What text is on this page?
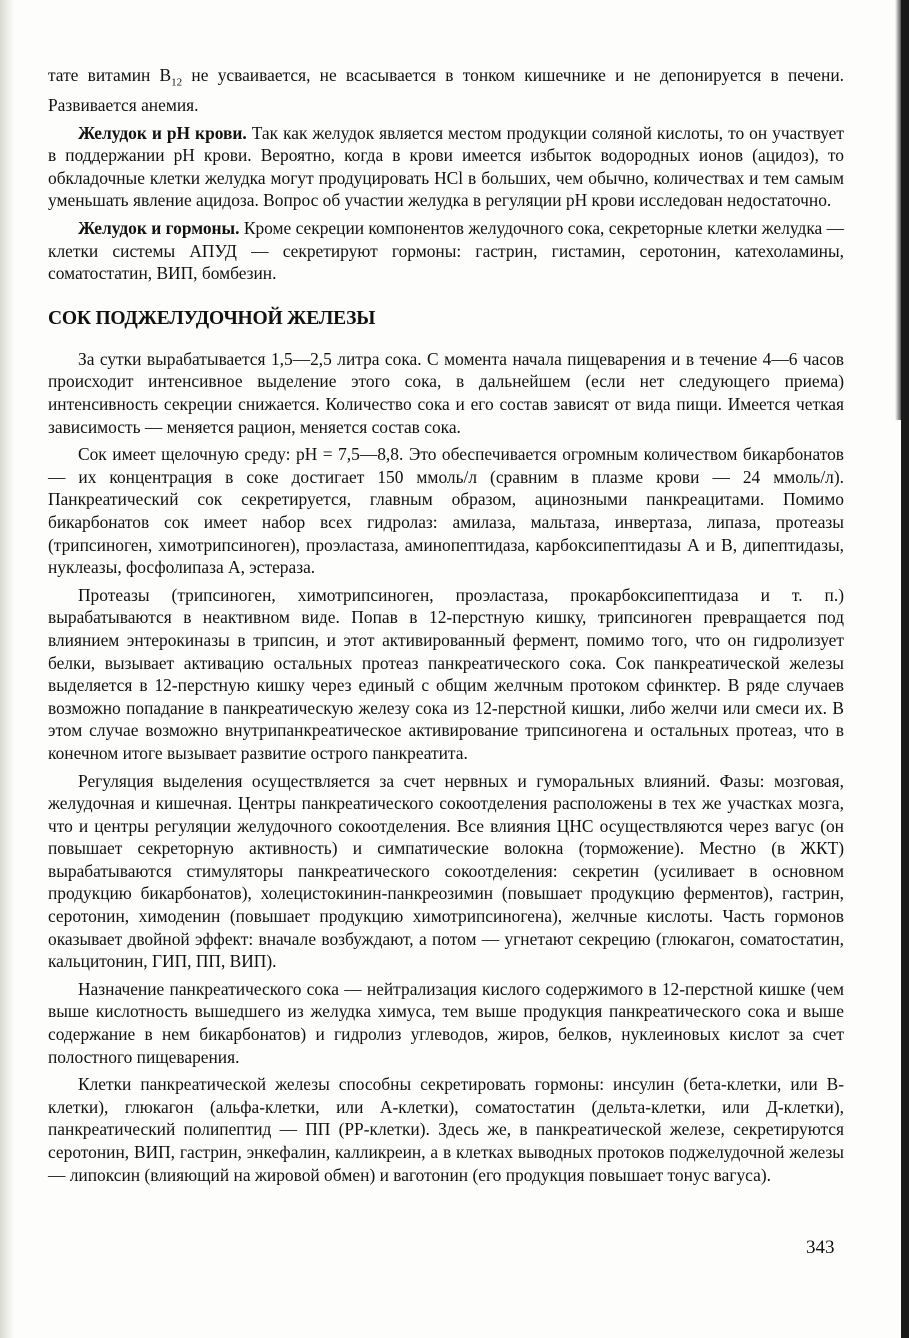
тате витамин $B_{12}$ не усваивается, не всасывается в тонком кишечнике и не депонируется в печени. Развивается анемия.

Желудок и pH крови. Так как желудок является местом продукции соляной кислоты, то он участвует в поддержании pH крови. Вероятно, когда в крови имеется избыток водородных ионов (ацидоз), то обкладочные клетки желудка могут продуцировать HCl в больших, чем обычно, количествах и тем самым уменьшать явление ацидоза. Вопрос об участии желудка в регуляции pH крови исследован недостаточно.

Желудок и гормоны. Кроме секреции компонентов желудочного сока, секреторные клетки желудка — клетки системы АПУД — секретируют гормоны: гастрин, гистамин, серотонин, катехоламины, соматостатин, ВИП, бомбезин.

СОК ПОДЖЕЛУДОЧНОЙ ЖЕЛЕЗЫ

За сутки вырабатывается 1,5—2,5 литра сока. С момента начала пищеварения и в течение 4—6 часов происходит интенсивное выделение этого сока, в дальнейшем (если нет следующего приема) интенсивность секреции снижается. Количество сока и его состав зависят от вида пищи. Имеется четкая зависимость — меняется рацион, меняется состав сока.

Сок имеет щелочную среду: pH = 7,5—8,8. Это обеспечивается огромным количеством бикарбонатов — их концентрация в соке достигает 150 ммоль/л (сравним в плазме крови — 24 ммоль/л). Панкреатический сок секретируется, главным образом, ацинозными панкреацитами. Помимо бикарбонатов сок имеет набор всех гидролаз: амилаза, мальтаза, инвертаза, липаза, протеазы (трипсиноген, химотрипсиноген), проэластаза, аминопептидаза, карбоксипептидазы А и В, дипептидазы, нуклеазы, фосфолипаза А, эстераза.

Протеазы (трипсиноген, химотрипсиноген, проэластаза, прокарбоксипептидаза и т. п.) вырабатываются в неактивном виде. Попав в 12-перстную кишку, трипсиноген превращается под влиянием энтерокиназы в трипсин, и этот активированный фермент, помимо того, что он гидролизует белки, вызывает активацию остальных протеаз панкреатического сока. Сок панкреатической железы выделяется в 12-перстную кишку через единый с общим желчным протоком сфинктер. В ряде случаев возможно попадание в панкреатическую железу сока из 12-перстной кишки, либо желчи или смеси их. В этом случае возможно внутрипанкреатическое активирование трипсиногена и остальных протеаз, что в конечном итоге вызывает развитие острого панкреатита.

Регуляция выделения осуществляется за счет нервных и гуморальных влияний. Фазы: мозговая, желудочная и кишечная. Центры панкреатического сокоотделения расположены в тех же участках мозга, что и центры регуляции желудочного сокоотделения. Все влияния ЦНС осуществляются через вагус (он повышает секреторную активность) и симпатические волокна (торможение). Местно (в ЖКТ) вырабатываются стимуляторы панкреатического сокоотделения: секретин (усиливает в основном продукцию бикарбонатов), холецистокинин-панкреозимин (повышает продукцию ферментов), гастрин, серотонин, химоденин (повышает продукцию химотрипсиногена), желчные кислоты. Часть гормонов оказывает двойной эффект: вначале возбуждают, а потом — угнетают секрецию (глюкагон, соматостатин, кальцитонин, ГИП, ПП, ВИП).

Назначение панкреатического сока — нейтрализация кислого содержимого в 12-перстной кишке (чем выше кислотность вышедшего из желудка химуса, тем выше продукция панкреатического сока и выше содержание в нем бикарбонатов) и гидролиз углеводов, жиров, белков, нуклеиновых кислот за счет полостного пищеварения.

Клетки панкреатической железы способны секретировать гормоны: инсулин (бета-клетки, или В-клетки), глюкагон (альфа-клетки, или А-клетки), соматостатин (дельта-клетки, или Д-клетки), панкреатический полипептид — ПП (РР-клетки). Здесь же, в панкреатической железе, секретируются серотонин, ВИП, гастрин, энкефалин, калликреин, а в клетках выводных протоков поджелудочной железы — липоксин (влияющий на жировой обмен) и ваготонин (его продукция повышает тонус вагуса).

343
